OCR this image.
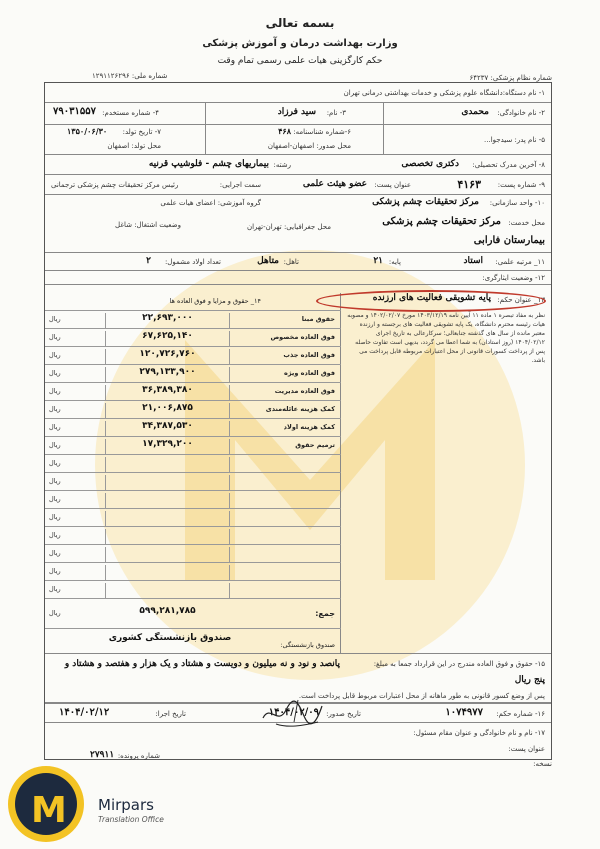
بسمه تعالی
وزارت بهداشت درمان و آموزش پزشکی
حکم کارگزینی هیات علمی رسمی تمام وقت
شماره نظام پزشکی: ۶۴۲۳۷
شماره ملی: ۱۲۹۱۱۲۶۲۹۶
۱- نام دستگاه:دانشگاه علوم پزشکی و خدمات بهداشتی درمانی تهران
۲- نام خانوادگی:
محمدی
۳- نام:
سید فرزاد
۴- شماره مستخدم:
۷۹۰۳۱۵۵۷
۵- نام پدر: سیدجوا...
۶-شماره شناسنامه:
۴۶۸
محل صدور: اصفهان-اصفهان
۷- تاریخ تولد:
۱۳۵۰/۰۶/۳۰
محل تولد: اصفهان
۸- آخرین مدرک تحصیلی:
دکتری تخصصی
رشته:
بیماریهای چشم - فلوشیپ قرنیه
۹- شماره پست:
۴۱۶۳
عنوان پست:
عضو هیئت علمی
سمت اجرایی:
رئیس مرکز تحقیقات چشم پزشکی ترجمانی
۱۰- واحد سازمانی:
مرکز تحقیقات چشم پزشکی
گروه آموزشی: اعضای هیات علمی
محل خدمت:
مرکز تحقیقات چشم پزشکی
محل جغرافیایی: تهران-تهران
وضعیت اشتغال: شاغل
بیمارستان فارابی
۱۱_ مرتبه علمی:
استاد
پایه:
۲۱
تاهل:
متاهل
تعداد اولاد مشمول:
۲
۱۲- وضعیت ایثارگری:
۱۳_ عنوان حکم:
پایه تشویقی فعالیت های ارزنده
نظر به مفاد تبصره ۱ ماده ۱۱ آیین نامه ۱۴۰۳/۱۲/۱۹ مورخ ۱۴۰۲/۰۲/۰۷ و مصوبه هیات رئیسه محترم دانشگاه، یک پایه تشویقی فعالیت های برجسته و ارزنده معتبر مانده از سال های گذشته جنابعالی؛ سرکارعالی به تاریخ اجرای ۱۴۰۴/۰۲/۱۲ (روز استادان) به شما اعطا می گردد، بدیهی است تفاوت حاصله پس از پرداخت کسورات قانونی از محل اعتبارات مربوطه قابل پرداخت می باشد.
۱۴_ حقوق و مزایا و فوق العاده ها
حقوق مبنا
۲۲,۶۹۳,۰۰۰
ریال
فوق العاده مخصوص
۶۷,۶۲۵,۱۴۰
ریال
فوق العاده جذب
۱۲۰,۷۲۶,۷۶۰
ریال
فوق العاده ویژه
۲۷۹,۱۳۳,۹۰۰
ریال
فوق العاده مدیریت
۳۶,۳۸۹,۳۸۰
ریال
کمک هزینه عائله‌مندی
۲۱,۰۰۶,۸۷۵
ریال
کمک هزینه اولاد
۳۴,۳۸۷,۵۳۰
ریال
ترمیم حقوق
۱۷,۳۲۹,۲۰۰
ریال
ریال
ریال
ریال
ریال
ریال
ریال
ریال
ریال
جمع:
۵۹۹,۲۸۱,۷۸۵
ریال
صندوق بازنشستگی:
صندوق بازنشستگی کشوری
۱۵- حقوق و فوق العاده مندرج در این قرارداد جمعا به مبلغ:
پانصد و نود و نه میلیون و دویست و هشتاد و یک هزار و هفتصد و هشتاد و پنج ریال
پس از وضع کسور قانونی به طور ماهانه از محل اعتبارات مربوط قابل پرداخت است.
۱۶- شماره حکم:
۱۰۷۴۹۷۷
تاریخ صدور:
۱۴۰۴/۰۲/۰۹
تاریخ اجرا:
۱۴۰۴/۰۲/۱۲
۱۷- نام و نام خانوادگی و عنوان مقام مسئول:
عنوان پست:
شماره پرونده:
۲۷۹۱۱
نسخه:
M Mirpars
Translation Office
